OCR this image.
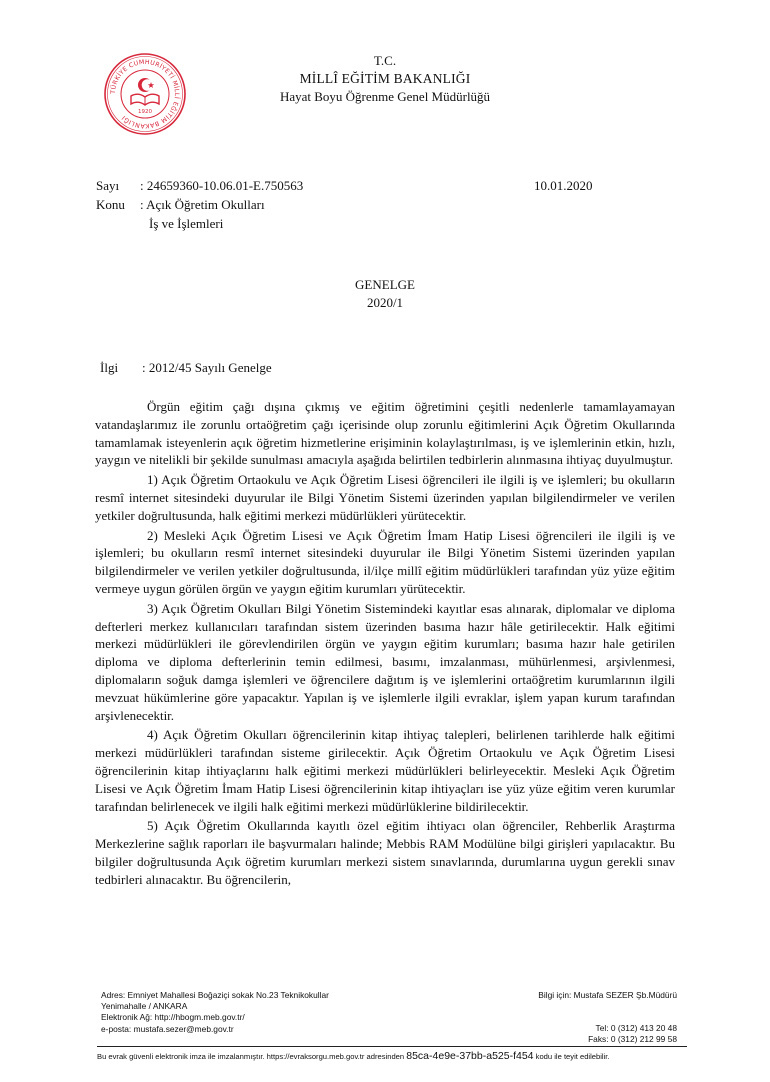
TÜRKİYE CUMHURİYETİ MİLLÎ EĞİTİM BAKANLIĞI
1920
T.C.
MİLLÎ EĞİTİM BAKANLIĞI
Hayat Boyu Öğrenme Genel Müdürlüğü
Sayı : 24659360-10.06.01-E.750563
Konu : Açık Öğretim Okulları
İş ve İşlemleri
10.01.2020
GENELGE
2020/1
İlgi : 2012/45 Sayılı Genelge

Örgün eğitim çağı dışına çıkmış ve eğitim öğretimini çeşitli nedenlerle tamamlayamayan vatandaşlarımız ile zorunlu ortaöğretim çağı içerisinde olup zorunlu eğitimlerini Açık Öğretim Okullarında tamamlamak isteyenlerin açık öğretim hizmetlerine erişiminin kolaylaştırılması, iş ve işlemlerinin etkin, hızlı, yaygın ve nitelikli bir şekilde sunulması amacıyla aşağıda belirtilen tedbirlerin alınmasına ihtiyaç duyulmuştur.

1) Açık Öğretim Ortaokulu ve Açık Öğretim Lisesi öğrencileri ile ilgili iş ve işlemleri; bu okulların resmî internet sitesindeki duyurular ile Bilgi Yönetim Sistemi üzerinden yapılan bilgilendirmeler ve verilen yetkiler doğrultusunda, halk eğitimi merkezi müdürlükleri yürütecektir.

2) Mesleki Açık Öğretim Lisesi ve Açık Öğretim İmam Hatip Lisesi öğrencileri ile ilgili iş ve işlemleri; bu okulların resmî internet sitesindeki duyurular ile Bilgi Yönetim Sistemi üzerinden yapılan bilgilendirmeler ve verilen yetkiler doğrultusunda, il/ilçe millî eğitim müdürlükleri tarafından yüz yüze eğitim vermeye uygun görülen örgün ve yaygın eğitim kurumları yürütecektir.

3) Açık Öğretim Okulları Bilgi Yönetim Sistemindeki kayıtlar esas alınarak, diplomalar ve diploma defterleri merkez kullanıcıları tarafından sistem üzerinden basıma hazır hâle getirilecektir. Halk eğitimi merkezi müdürlükleri ile görevlendirilen örgün ve yaygın eğitim kurumları; basıma hazır hale getirilen diploma ve diploma defterlerinin temin edilmesi, basımı, imzalanması, mühürlenmesi, arşivlenmesi, diplomaların soğuk damga işlemleri ve öğrencilere dağıtım iş ve işlemlerini ortaöğretim kurumlarının ilgili mevzuat hükümlerine göre yapacaktır. Yapılan iş ve işlemlerle ilgili evraklar, işlem yapan kurum tarafından arşivlenecektir.

4) Açık Öğretim Okulları öğrencilerinin kitap ihtiyaç talepleri, belirlenen tarihlerde halk eğitimi merkezi müdürlükleri tarafından sisteme girilecektir. Açık Öğretim Ortaokulu ve Açık Öğretim Lisesi öğrencilerinin kitap ihtiyaçlarını halk eğitimi merkezi müdürlükleri belirleyecektir. Mesleki Açık Öğretim Lisesi ve Açık Öğretim İmam Hatip Lisesi öğrencilerinin kitap ihtiyaçları ise yüz yüze eğitim veren kurumlar tarafından belirlenecek ve ilgili halk eğitimi merkezi müdürlüklerine bildirilecektir.

5) Açık Öğretim Okullarında kayıtlı özel eğitim ihtiyacı olan öğrenciler, Rehberlik Araştırma Merkezlerine sağlık raporları ile başvurmaları halinde; Mebbis RAM Modülüne bilgi girişleri yapılacaktır. Bu bilgiler doğrultusunda Açık öğretim kurumları merkezi sistem sınavlarında, durumlarına uygun gerekli sınav tedbirleri alınacaktır. Bu öğrencilerin,

Adres: Emniyet Mahallesi Boğaziçi sokak No.23 Teknikokullar
Yenimahalle / ANKARA
Elektronik Ağ: http://hbogm.meb.gov.tr/
e-posta: mustafa.sezer@meb.gov.tr
Bilgi için: Mustafa SEZER Şb.Müdürü
Tel: 0 (312) 413 20 48
Faks: 0 (312) 212 99 58
Bu evrak güvenli elektronik imza ile imzalanmıştır. https://evraksorgu.meb.gov.tr adresinden 85ca-4e9e-37bb-a525-f454 kodu ile teyit edilebilir.
